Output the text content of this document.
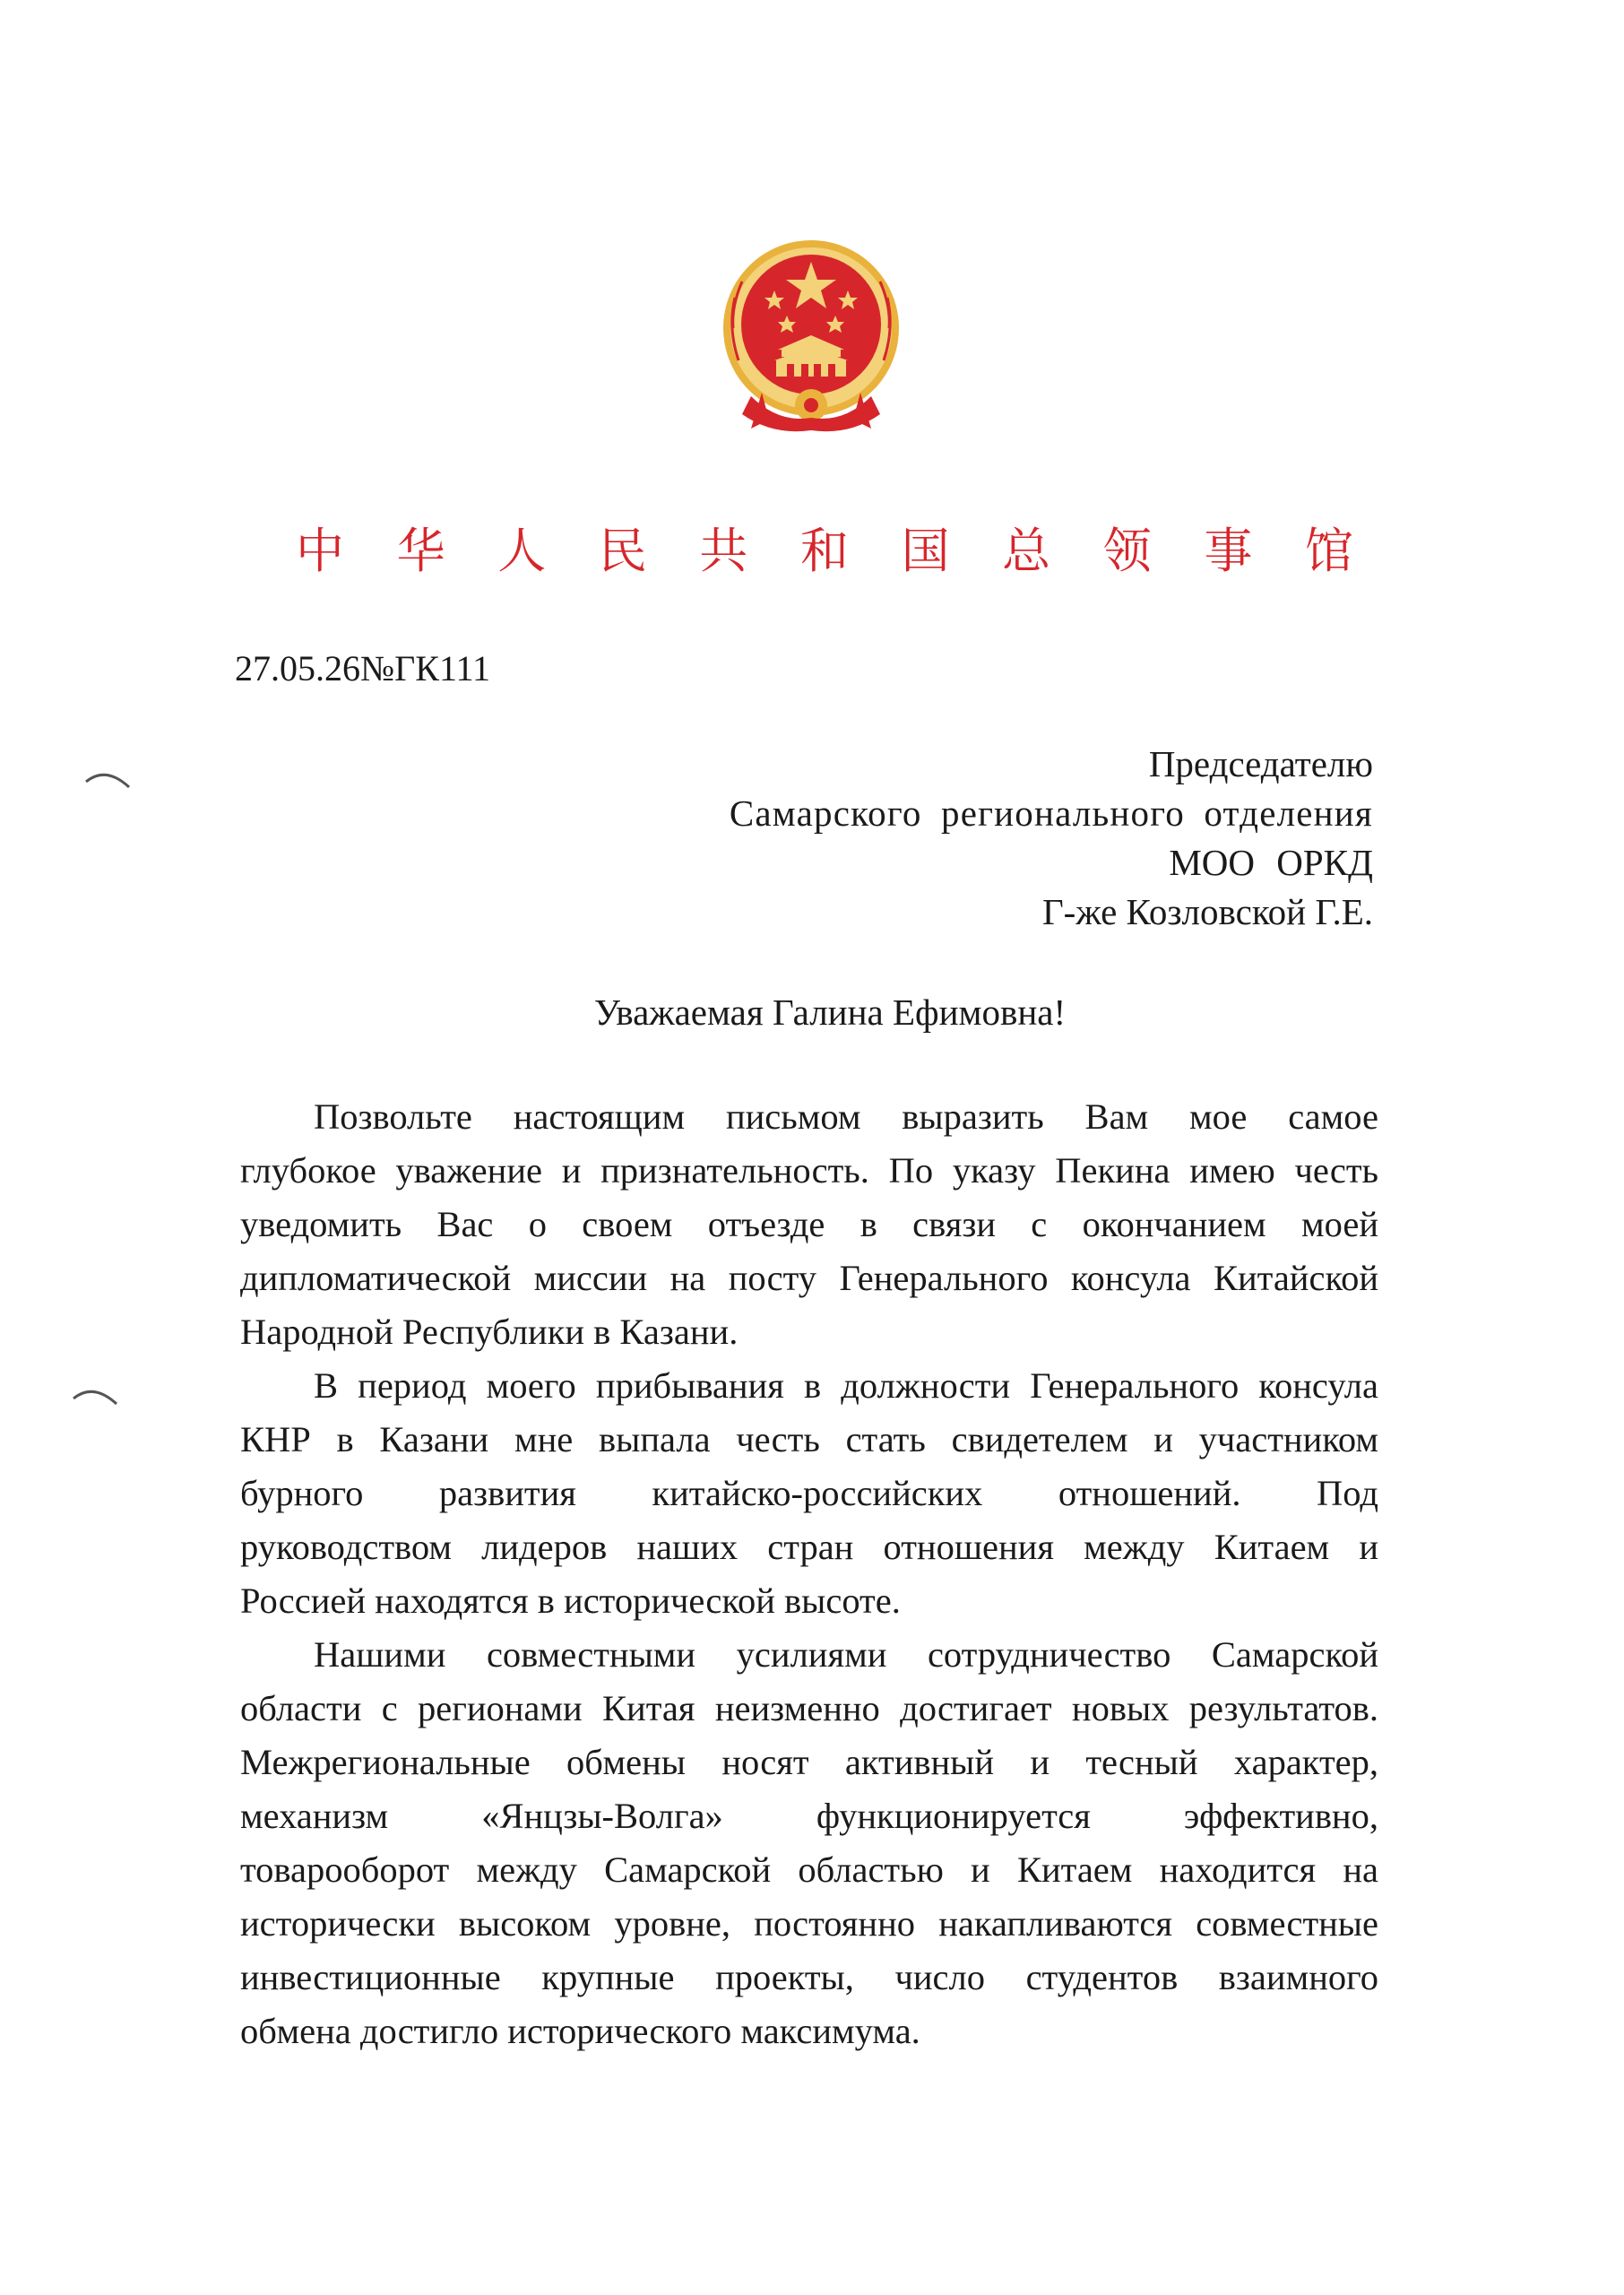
中 华 人 民 共 和 国 总 领 事 馆
27.05.26№ГК111
Председателю
Самарского регионального отделения
МОО ОРКД
Г-же Козловской Г.Е.
Уважаемая Галина Ефимовна!
Позвольте настоящим письмом выразить Вам мое самое
глубокое уважение и признательность. По указу Пекина имею честь
уведомить Вас о своем отъезде в связи с окончанием моей
дипломатической миссии на посту Генерального консула Китайской
Народной Республики в Казани.
В период моего прибывания в должности Генерального консула
КНР в Казани мне выпала честь стать свидетелем и участником
бурного развития китайско-российских отношений. Под
руководством лидеров наших стран отношения между Китаем и
Россией находятся в исторической высоте.
Нашими совместными усилиями сотрудничество Самарской
области с регионами Китая неизменно достигает новых результатов.
Межрегиональные обмены носят активный и тесный характер,
механизм «Янцзы-Волга» функционируется эффективно,
товарооборот между Самарской областью и Китаем находится на
исторически высоком уровне, постоянно накапливаются совместные
инвестиционные крупные проекты, число студентов взаимного
обмена достигло исторического максимума.
